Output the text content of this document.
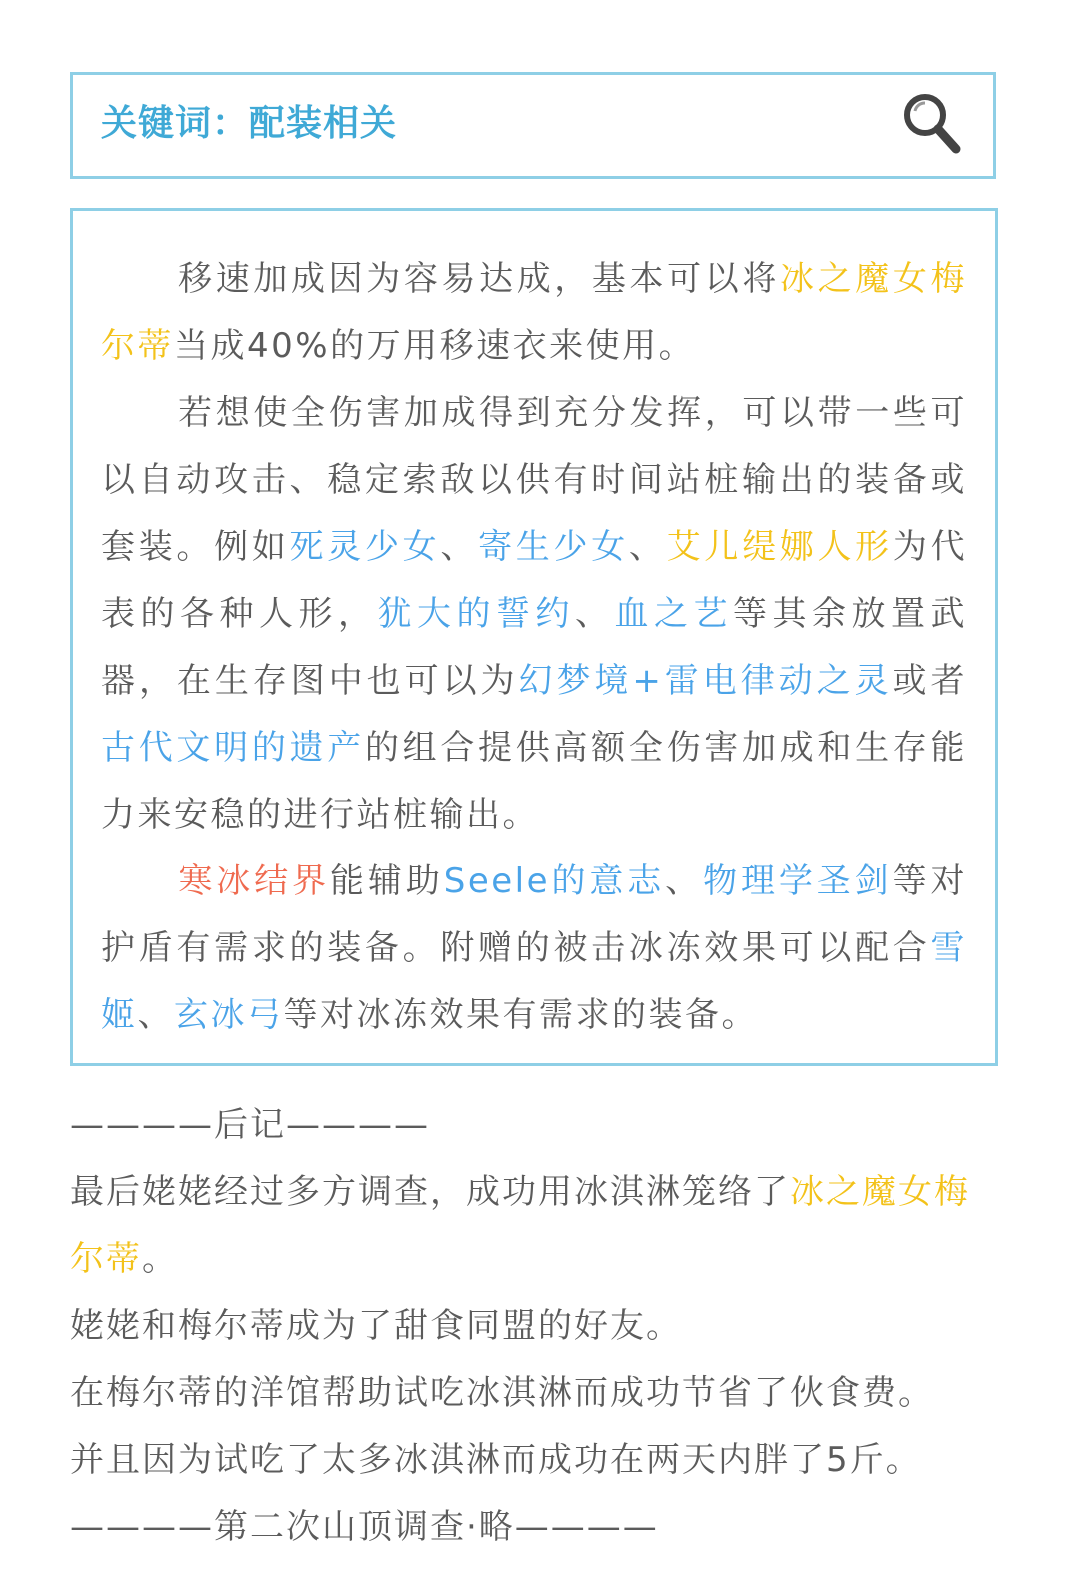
关键词：配装相关

移速加成因为容易达成，基本可以将冰之魔女梅尔蒂当成40%的万用移速衣来使用。

若想使全伤害加成得到充分发挥，可以带一些可以自动攻击、稳定索敌以供有时间站桩输出的装备或套装。例如死灵少女、寄生少女、艾儿缇娜人形为代表的各种人形，犹大的誓约、血之艺等其余放置武器，在生存图中也可以为幻梦境+雷电律动之灵或者古代文明的遗产的组合提供高额全伤害加成和生存能力来安稳的进行站桩输出。

寒冰结界能辅助Seele的意志、物理学圣剑等对护盾有需求的装备。附赠的被击冰冻效果可以配合雪姬、玄冰弓等对冰冻效果有需求的装备。

————后记————
最后姥姥经过多方调查，成功用冰淇淋笼络了冰之魔女梅尔蒂。
姥姥和梅尔蒂成为了甜食同盟的好友。
在梅尔蒂的洋馆帮助试吃冰淇淋而成功节省了伙食费。
并且因为试吃了太多冰淇淋而成功在两天内胖了5斤。
————第二次山顶调查·略————
